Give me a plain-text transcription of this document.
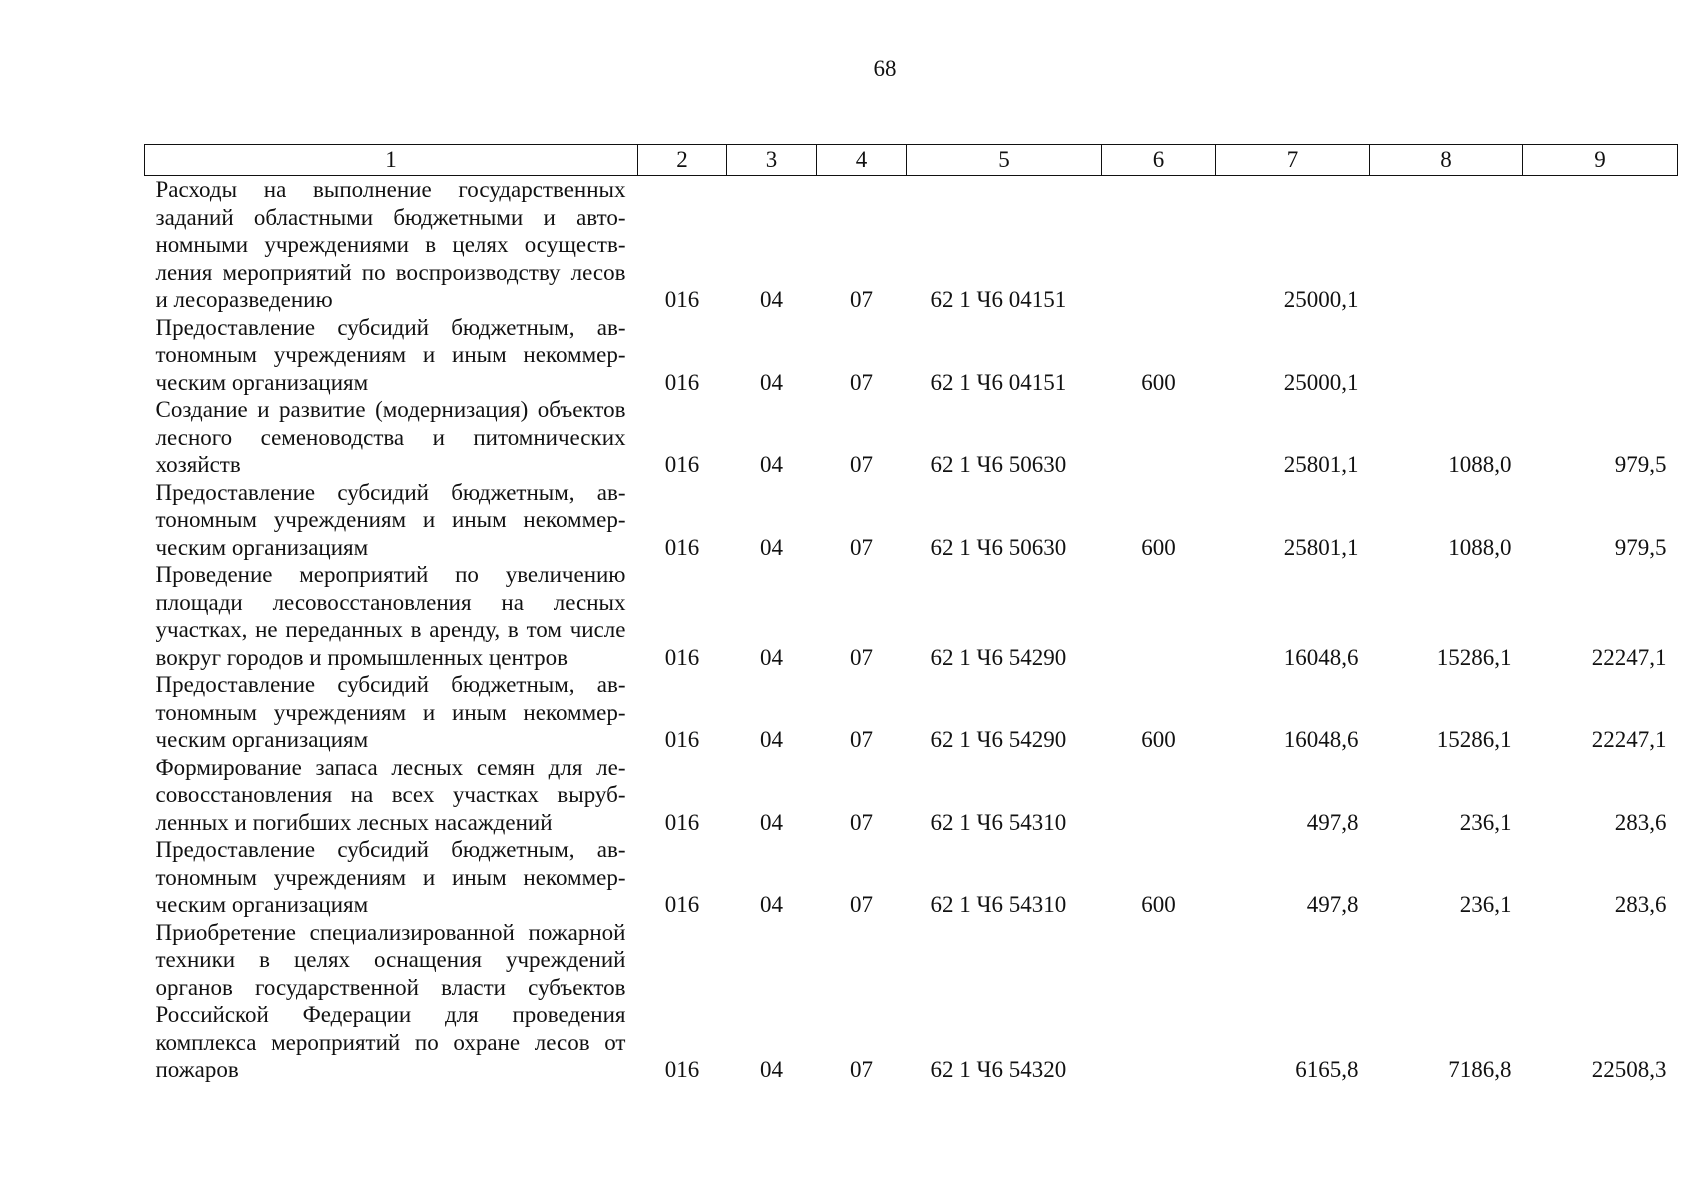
68
1	2	3	4	5	6	7	8	9
Расходы на выполнение государственных заданий областными бюджетными и автономными учреждениями в целях осуществления мероприятий по воспроизводству лесов и лесоразведению	016	04	07	62 1 Ч6 04151		25000,1		
Предоставление субсидий бюджетным, автономным учреждениям и иным некоммерческим организациям	016	04	07	62 1 Ч6 04151	600	25000,1		
Создание и развитие (модернизация) объектов лесного семеноводства и питомнических хозяйств	016	04	07	62 1 Ч6 50630		25801,1	1088,0	979,5
Предоставление субсидий бюджетным, автономным учреждениям и иным некоммерческим организациям	016	04	07	62 1 Ч6 50630	600	25801,1	1088,0	979,5
Проведение мероприятий по увеличению площади лесовосстановления на лесных участках, не переданных в аренду, в том числе вокруг городов и промышленных центров	016	04	07	62 1 Ч6 54290		16048,6	15286,1	22247,1
Предоставление субсидий бюджетным, автономным учреждениям и иным некоммерческим организациям	016	04	07	62 1 Ч6 54290	600	16048,6	15286,1	22247,1
Формирование запаса лесных семян для лесовосстановления на всех участках вырубленных и погибших лесных насаждений	016	04	07	62 1 Ч6 54310		497,8	236,1	283,6
Предоставление субсидий бюджетным, автономным учреждениям и иным некоммерческим организациям	016	04	07	62 1 Ч6 54310	600	497,8	236,1	283,6
Приобретение специализированной пожарной техники в целях оснащения учреждений органов государственной власти субъектов Российской Федерации для проведения комплекса мероприятий по охране лесов от пожаров	016	04	07	62 1 Ч6 54320		6165,8	7186,8	22508,3
